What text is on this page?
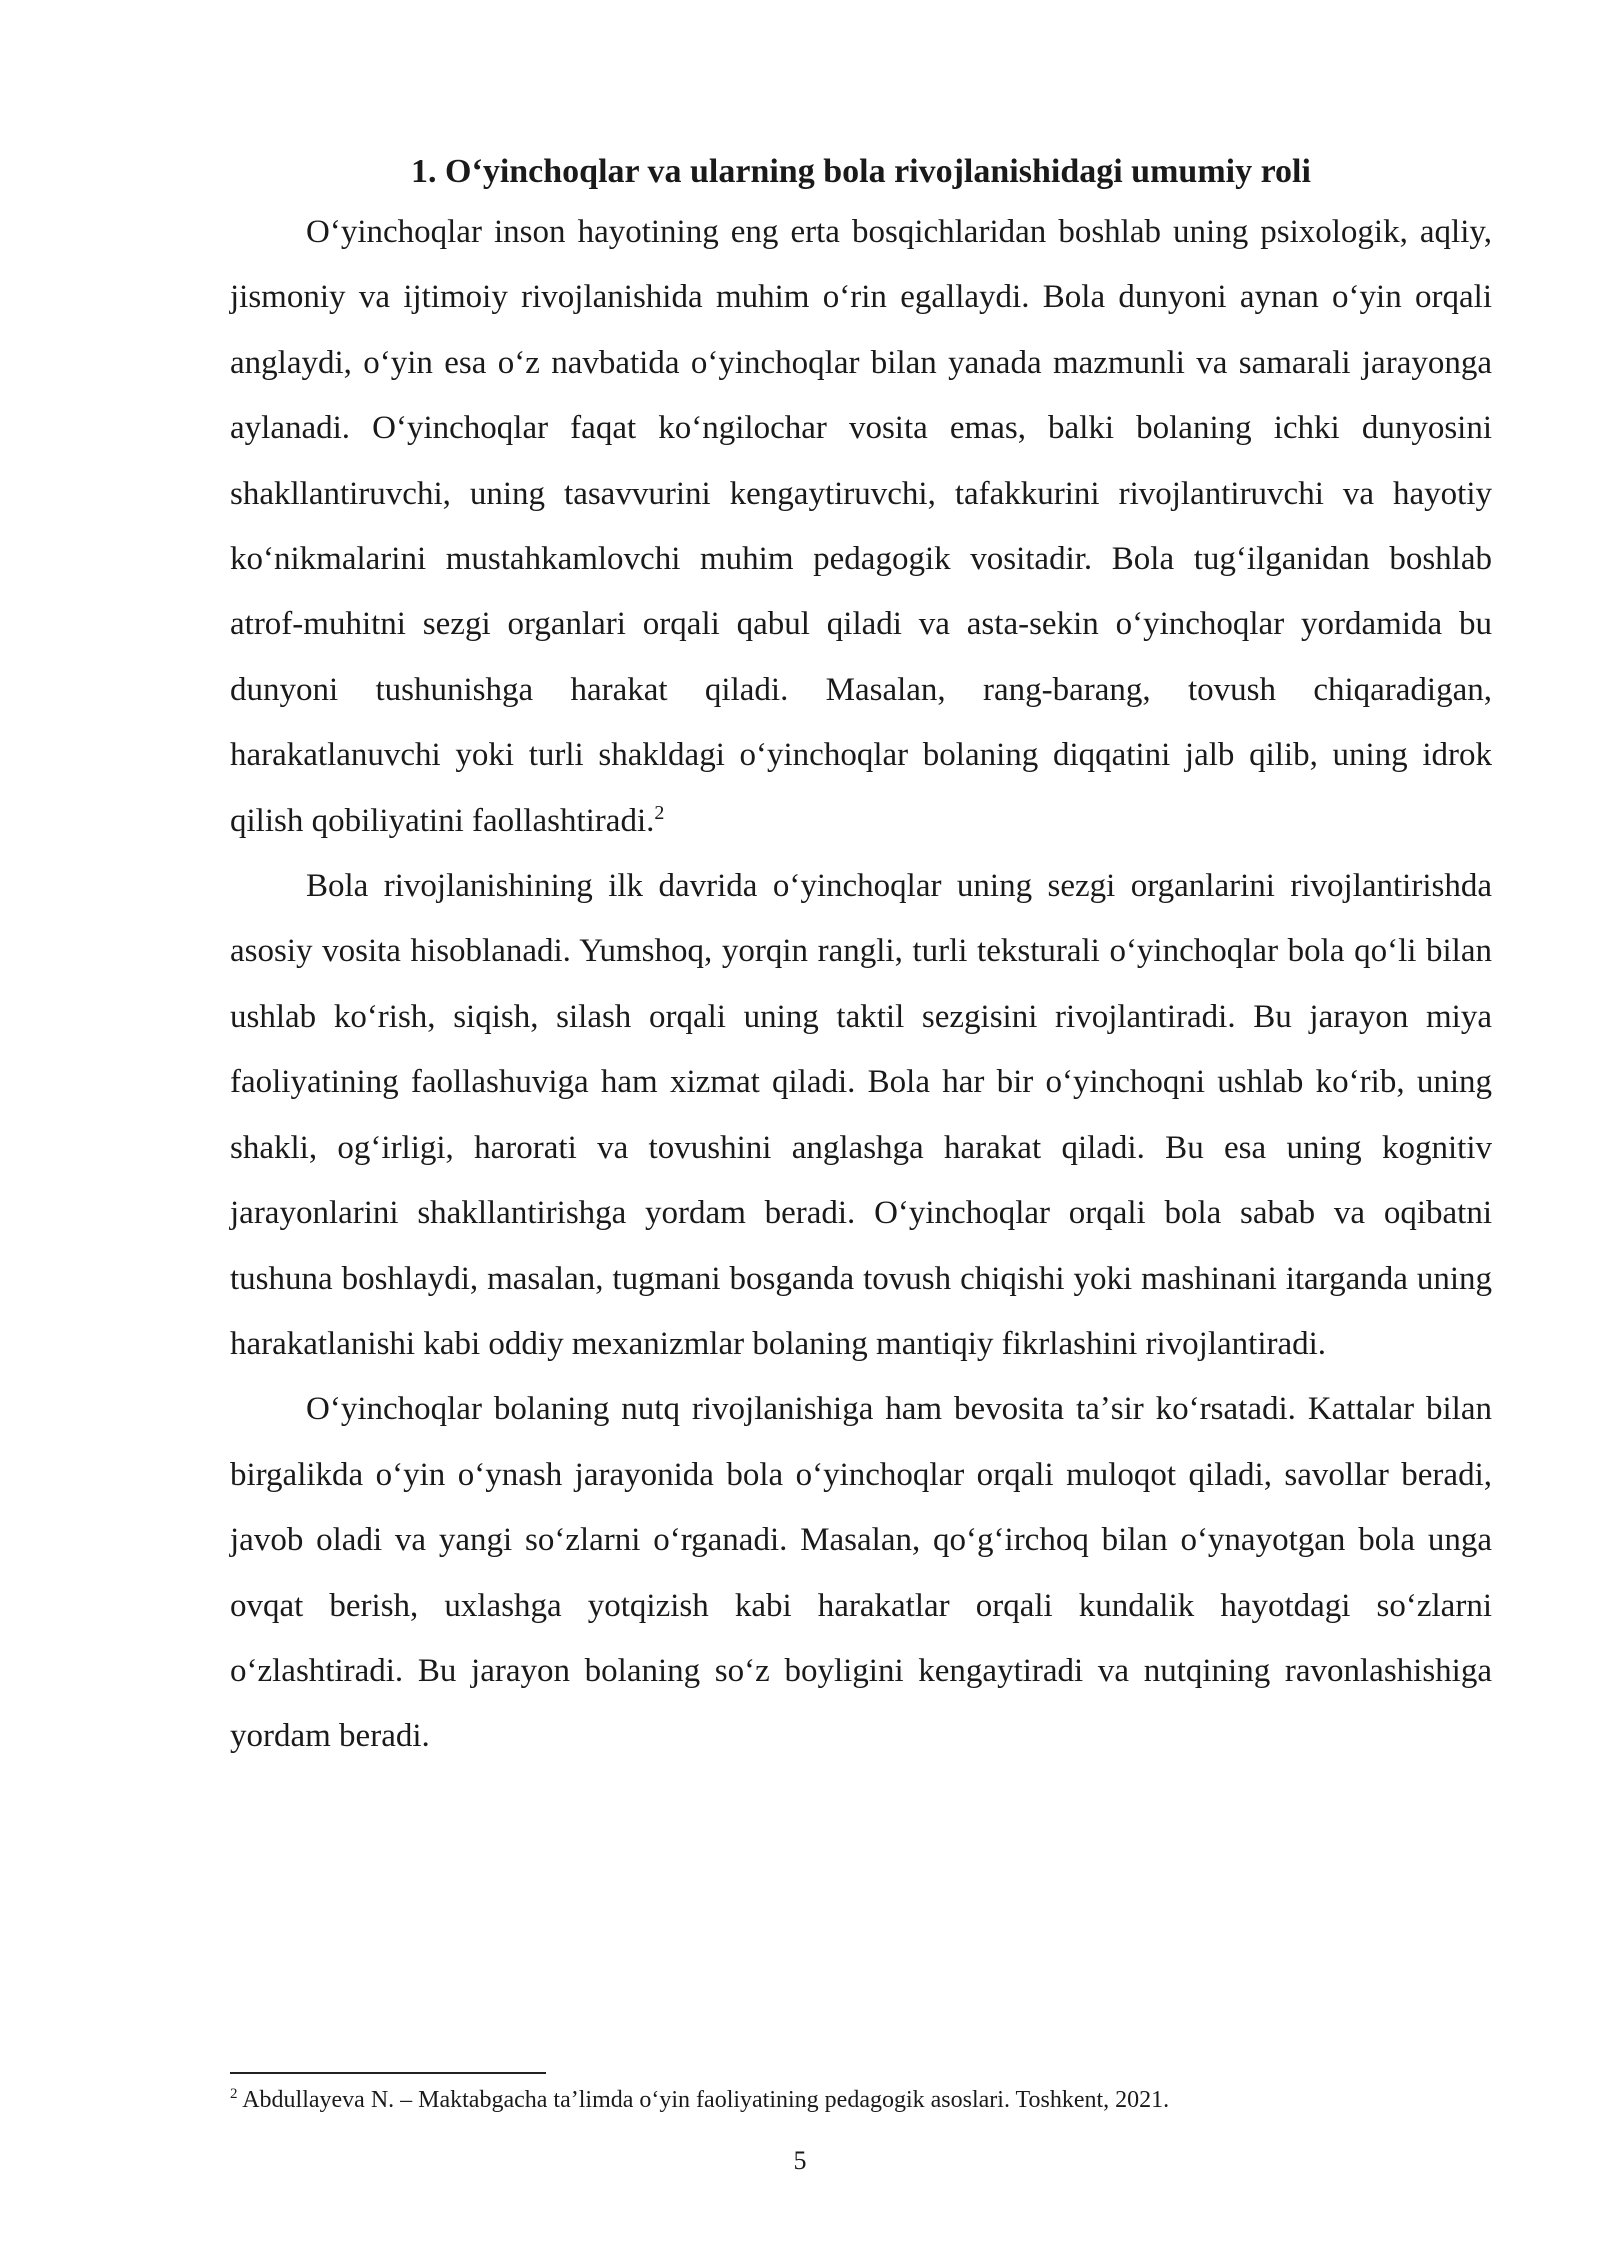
1. Oʻyinchoqlar va ularning bola rivojlanishidagi umumiy roli

Oʻyinchoqlar inson hayotining eng erta bosqichlaridan boshlab uning psixologik, aqliy, jismoniy va ijtimoiy rivojlanishida muhim oʻrin egallaydi. Bola dunyoni aynan oʻyin orqali anglaydi, oʻyin esa oʻz navbatida oʻyinchoqlar bilan yanada mazmunli va samarali jarayonga aylanadi. Oʻyinchoqlar faqat koʻngilochar vosita emas, balki bolaning ichki dunyosini shakllantiruvchi, uning tasavvurini kengaytiruvchi, tafakkurini rivojlantiruvchi va hayotiy koʻnikmalarini mustahkamlovchi muhim pedagogik vositadir. Bola tugʻilganidan boshlab atrof-muhitni sezgi organlari orqali qabul qiladi va asta-sekin oʻyinchoqlar yordamida bu dunyoni tushunishga harakat qiladi. Masalan, rang-barang, tovush chiqaradigan, harakatlanuvchi yoki turli shakldagi oʻyinchoqlar bolaning diqqatini jalb qilib, uning idrok qilish qobiliyatini faollashtiradi.$^2$

Bola rivojlanishining ilk davrida oʻyinchoqlar uning sezgi organlarini rivojlantirishda asosiy vosita hisoblanadi. Yumshoq, yorqin rangli, turli teksturali oʻyinchoqlar bola qoʻli bilan ushlab koʻrish, siqish, silash orqali uning taktil sezgisini rivojlantiradi. Bu jarayon miya faoliyatining faollashuviga ham xizmat qiladi. Bola har bir oʻyinchoqni ushlab koʻrib, uning shakli, ogʻirligi, harorati va tovushini anglashga harakat qiladi. Bu esa uning kognitiv jarayonlarini shakllantirishga yordam beradi. Oʻyinchoqlar orqali bola sabab va oqibatni tushuna boshlaydi, masalan, tugmani bosganda tovush chiqishi yoki mashinani itarganda uning harakatlanishi kabi oddiy mexanizmlar bolaning mantiqiy fikrlashini rivojlantiradi.

Oʻyinchoqlar bolaning nutq rivojlanishiga ham bevosita taʼsir koʻrsatadi. Kattalar bilan birgalikda oʻyin oʻynash jarayonida bola oʻyinchoqlar orqali muloqot qiladi, savollar beradi, javob oladi va yangi soʻzlarni oʻrganadi. Masalan, qoʻgʻirchoq bilan oʻynayotgan bola unga ovqat berish, uxlashga yotqizish kabi harakatlar orqali kundalik hayotdagi soʻzlarni oʻzlashtiradi. Bu jarayon bolaning soʻz boyligini kengaytiradi va nutqining ravonlashishiga yordam beradi.

$^2$ Abdullayeva N. – Maktabgacha taʼlimda oʻyin faoliyatining pedagogik asoslari. Toshkent, 2021.
5
